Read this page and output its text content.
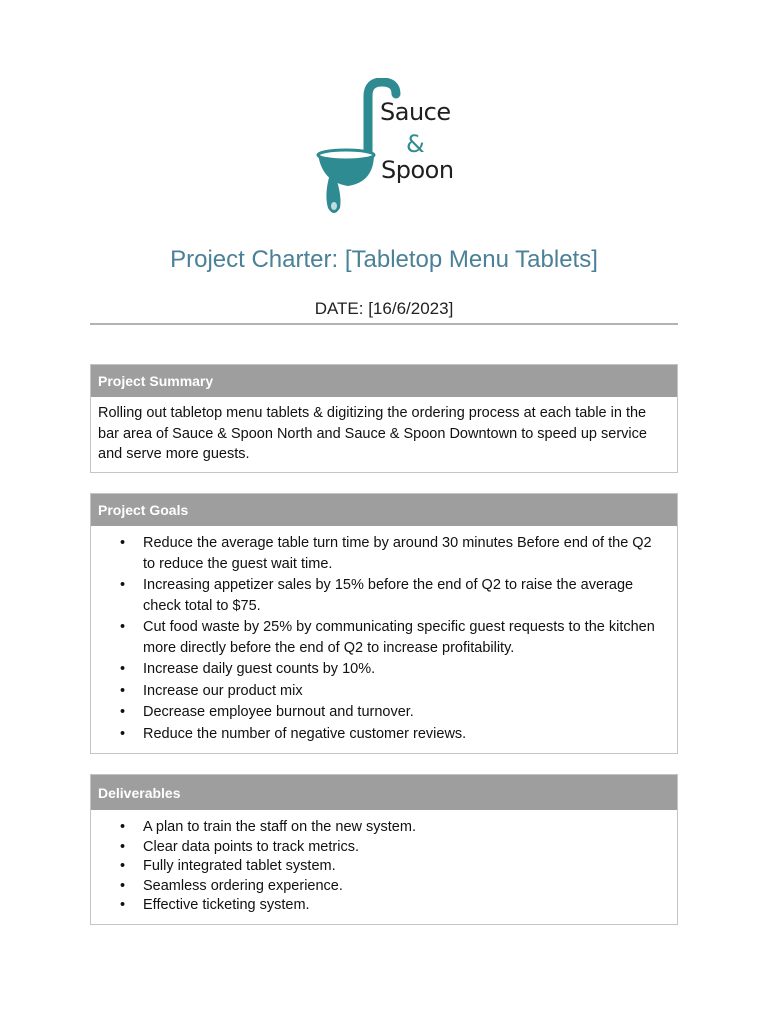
Sauce
&
Spoon
Project Charter: [Tabletop Menu Tablets]
DATE: [16/6/2023]
Project Summary
Rolling out tabletop menu tablets & digitizing the ordering process at each table in the bar area of Sauce & Spoon North and Sauce & Spoon Downtown to speed up service and serve more guests.
Project Goals
• Reduce the average table turn time by around 30 minutes Before end of the Q2 to reduce the guest wait time.
• Increasing appetizer sales by 15% before the end of Q2 to raise the average check total to $75.
• Cut food waste by 25% by communicating specific guest requests to the kitchen more directly before the end of Q2 to increase profitability.
• Increase daily guest counts by 10%.
• Increase our product mix
• Decrease employee burnout and turnover.
• Reduce the number of negative customer reviews.
Deliverables
• A plan to train the staff on the new system.
• Clear data points to track metrics.
• Fully integrated tablet system.
• Seamless ordering experience.
• Effective ticketing system.
